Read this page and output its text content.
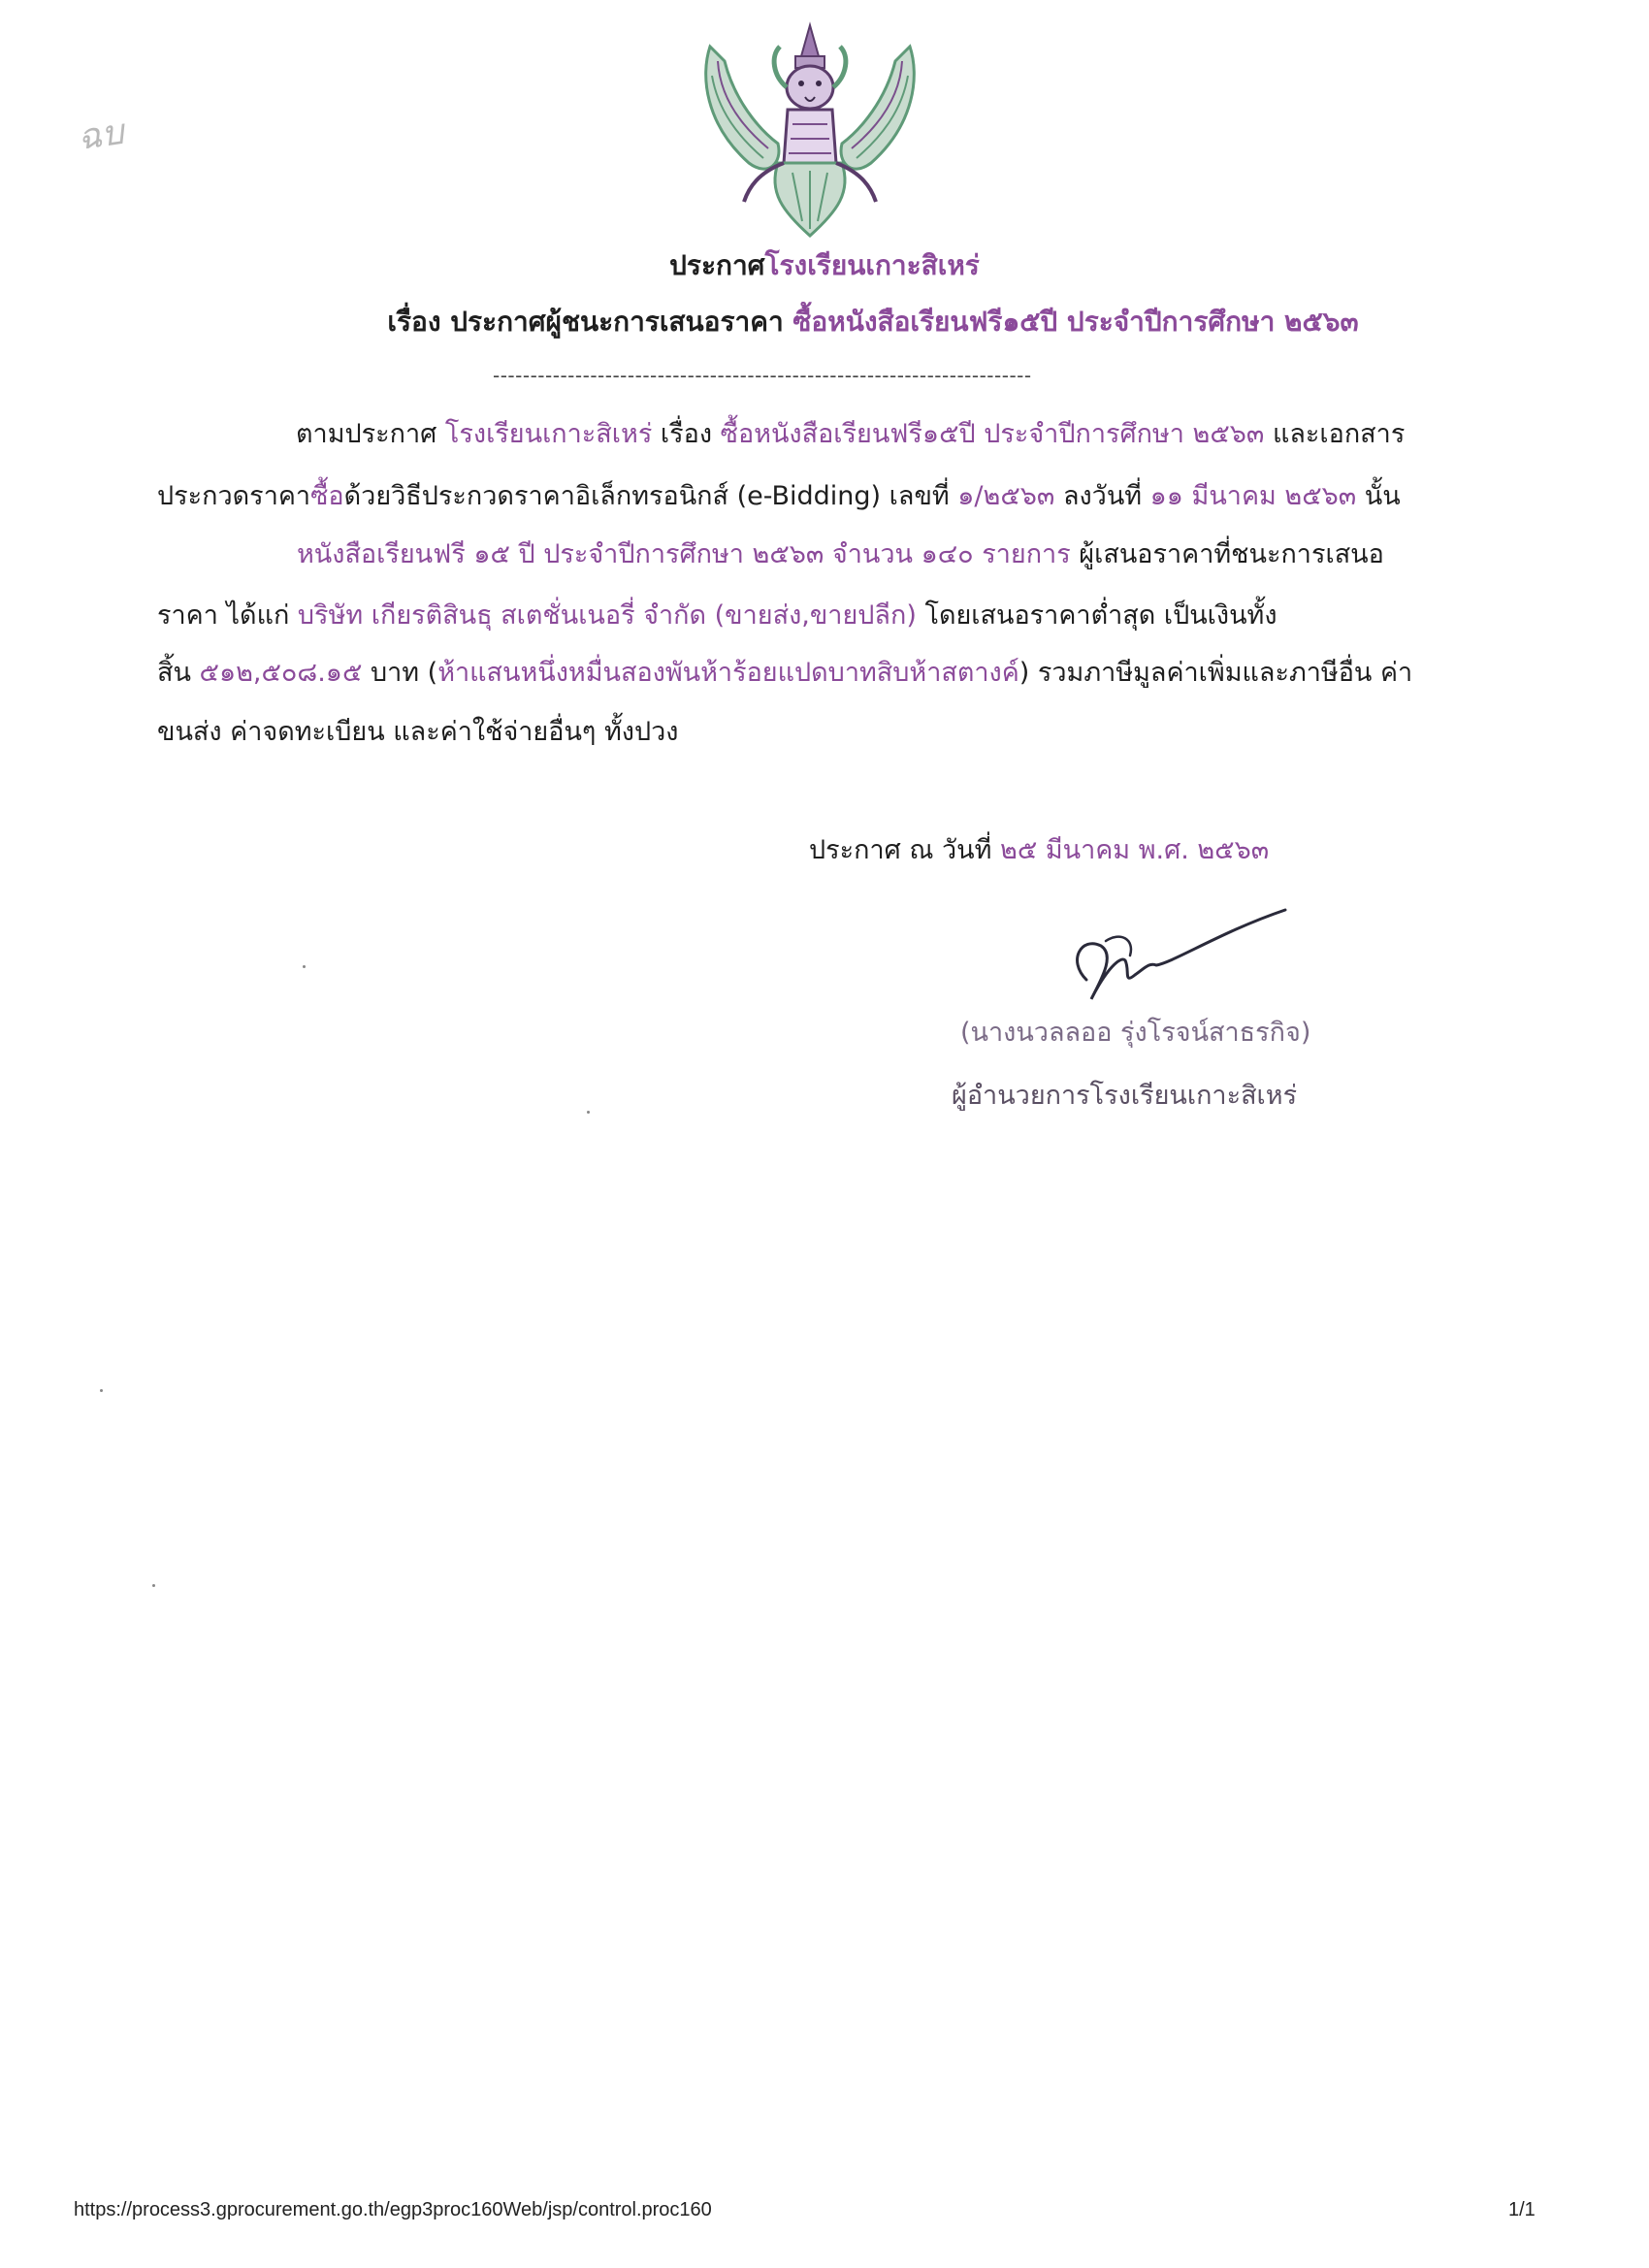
ฉบ
ประกาศโรงเรียนเกาะสิเหร่
เรื่อง ประกาศผู้ชนะการเสนอราคา ซื้อหนังสือเรียนฟรี๑๕ปี ประจำปีการศึกษา ๒๕๖๓
------------------------------------------------------------------------
ตามประกาศ โรงเรียนเกาะสิเหร่ เรื่อง ซื้อหนังสือเรียนฟรี๑๕ปี ประจำปีการศึกษา ๒๕๖๓ และเอกสาร
ประกวดราคาซื้อด้วยวิธีประกวดราคาอิเล็กทรอนิกส์ (e-Bidding) เลขที่ ๑/๒๕๖๓ ลงวันที่ ๑๑ มีนาคม ๒๕๖๓ นั้น
หนังสือเรียนฟรี ๑๕ ปี ประจำปีการศึกษา ๒๕๖๓ จำนวน ๑๔๐ รายการ ผู้เสนอราคาที่ชนะการเสนอ
ราคา ได้แก่ บริษัท เกียรติสินธุ สเตชั่นเนอรี่ จำกัด (ขายส่ง,ขายปลีก) โดยเสนอราคาต่ำสุด เป็นเงินทั้ง
สิ้น ๕๑๒,๕๐๘.๑๕ บาท (ห้าแสนหนึ่งหมื่นสองพันห้าร้อยแปดบาทสิบห้าสตางค์) รวมภาษีมูลค่าเพิ่มและภาษีอื่น ค่า
ขนส่ง ค่าจดทะเบียน และค่าใช้จ่ายอื่นๆ ทั้งปวง
ประกาศ ณ วันที่ ๒๕ มีนาคม พ.ศ. ๒๕๖๓
(นางนวลลออ รุ่งโรจน์สาธรกิจ)
ผู้อำนวยการโรงเรียนเกาะสิเหร่
https://process3.gprocurement.go.th/egp3proc160Web/jsp/control.proc160	1/1
